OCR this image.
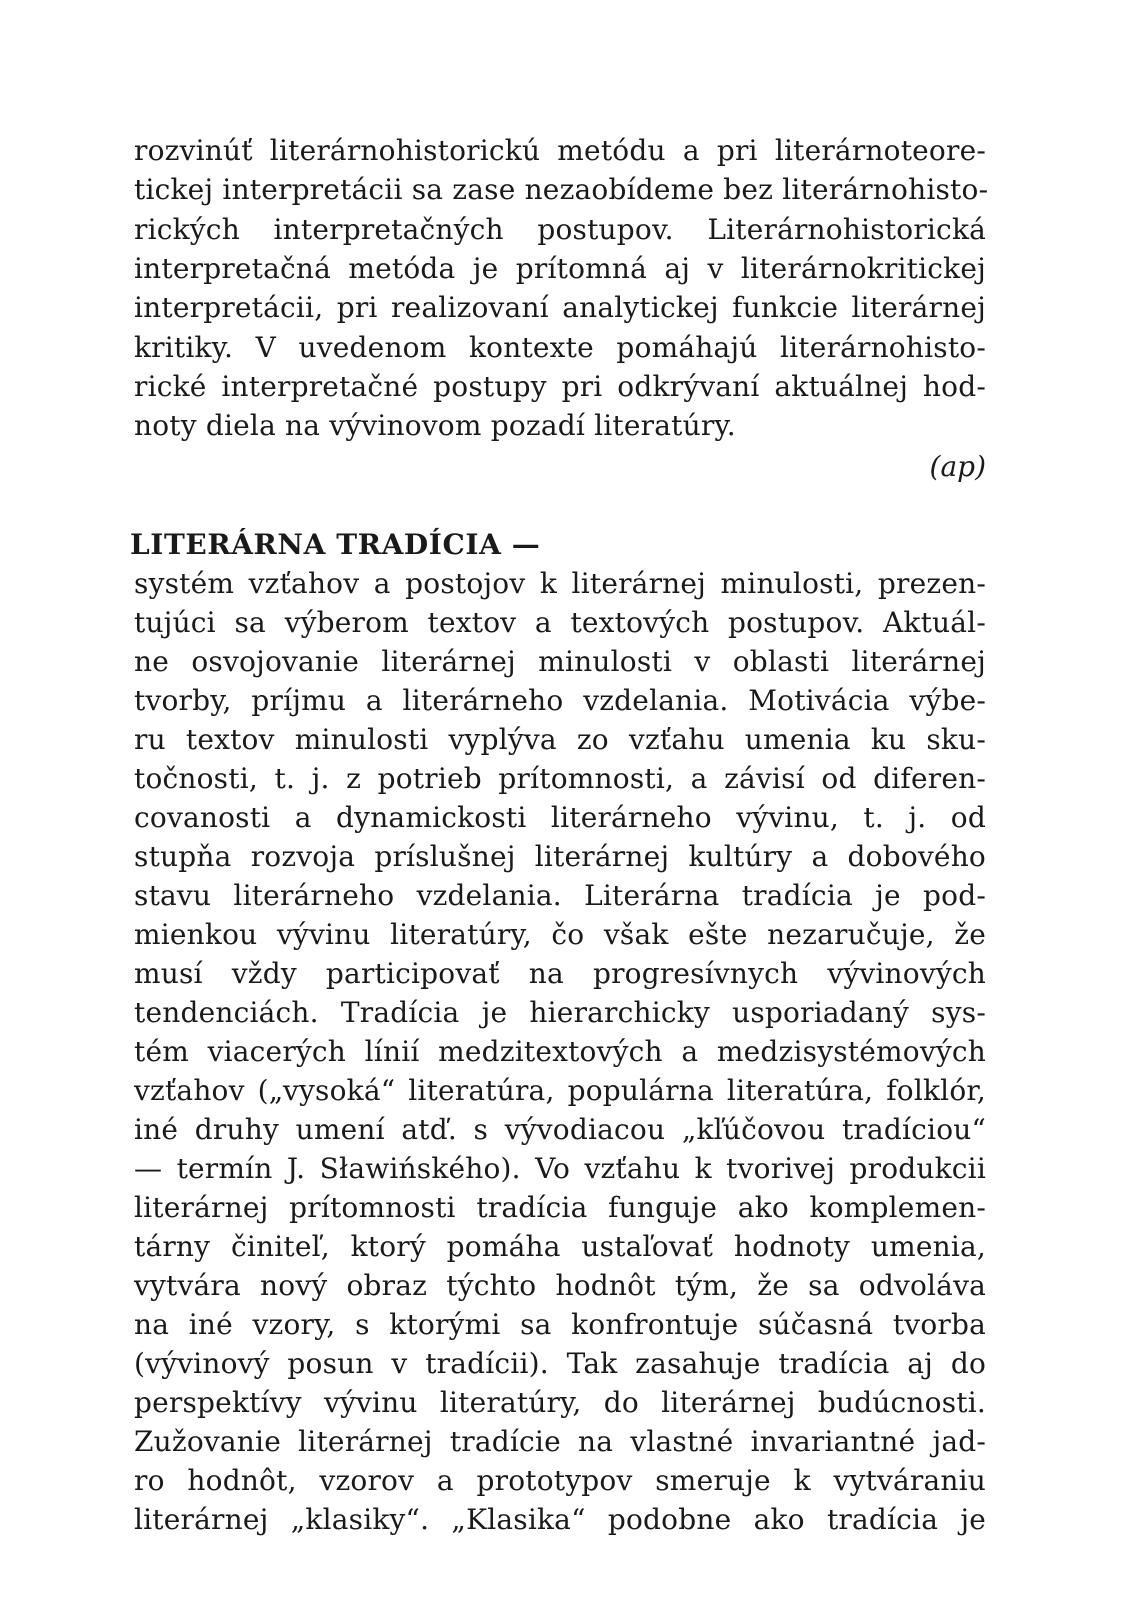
rozvinúť literárnohistorickú metódu a pri literárnoteore-
tickej interpretácii sa zase nezaobídeme bez literárnohisto-
rických interpretačných postupov. Literárnohistorická
interpretačná metóda je prítomná aj v literárnokritickej
interpretácii, pri realizovaní analytickej funkcie literárnej
kritiky. V uvedenom kontexte pomáhajú literárnohisto-
rické interpretačné postupy pri odkrývaní aktuálnej hod-
noty diela na vývinovom pozadí literatúry.
(ap)
LITERÁRNA TRADÍCIA —
systém vzťahov a postojov k literárnej minulosti, prezen-
tujúci sa výberom textov a textových postupov. Aktuál-
ne osvojovanie literárnej minulosti v oblasti literárnej
tvorby, príjmu a literárneho vzdelania. Motivácia výbe-
ru textov minulosti vyplýva zo vzťahu umenia ku sku-
točnosti, t. j. z potrieb prítomnosti, a závisí od diferen-
covanosti a dynamickosti literárneho vývinu, t. j. od
stupňa rozvoja príslušnej literárnej kultúry a dobového
stavu literárneho vzdelania. Literárna tradícia je pod-
mienkou vývinu literatúry, čo však ešte nezaručuje, že
musí vždy participovať na progresívnych vývinových
tendenciách. Tradícia je hierarchicky usporiadaný sys-
tém viacerých línií medzitextových a medzisystémových
vzťahov („vysoká“ literatúra, populárna literatúra, folklór,
iné druhy umení atď. s vývodiacou „kľúčovou tradíciou“
— termín J. Sławińského). Vo vzťahu k tvorivej produkcii
literárnej prítomnosti tradícia funguje ako komplemen-
tárny činiteľ, ktorý pomáha ustaľovať hodnoty umenia,
vytvára nový obraz týchto hodnôt tým, že sa odvoláva
na iné vzory, s ktorými sa konfrontuje súčasná tvorba
(vývinový posun v tradícii). Tak zasahuje tradícia aj do
perspektívy vývinu literatúry, do literárnej budúcnosti.
Zužovanie literárnej tradície na vlastné invariantné jad-
ro hodnôt, vzorov a prototypov smeruje k vytváraniu
literárnej „klasiky“. „Klasika“ podobne ako tradícia je
